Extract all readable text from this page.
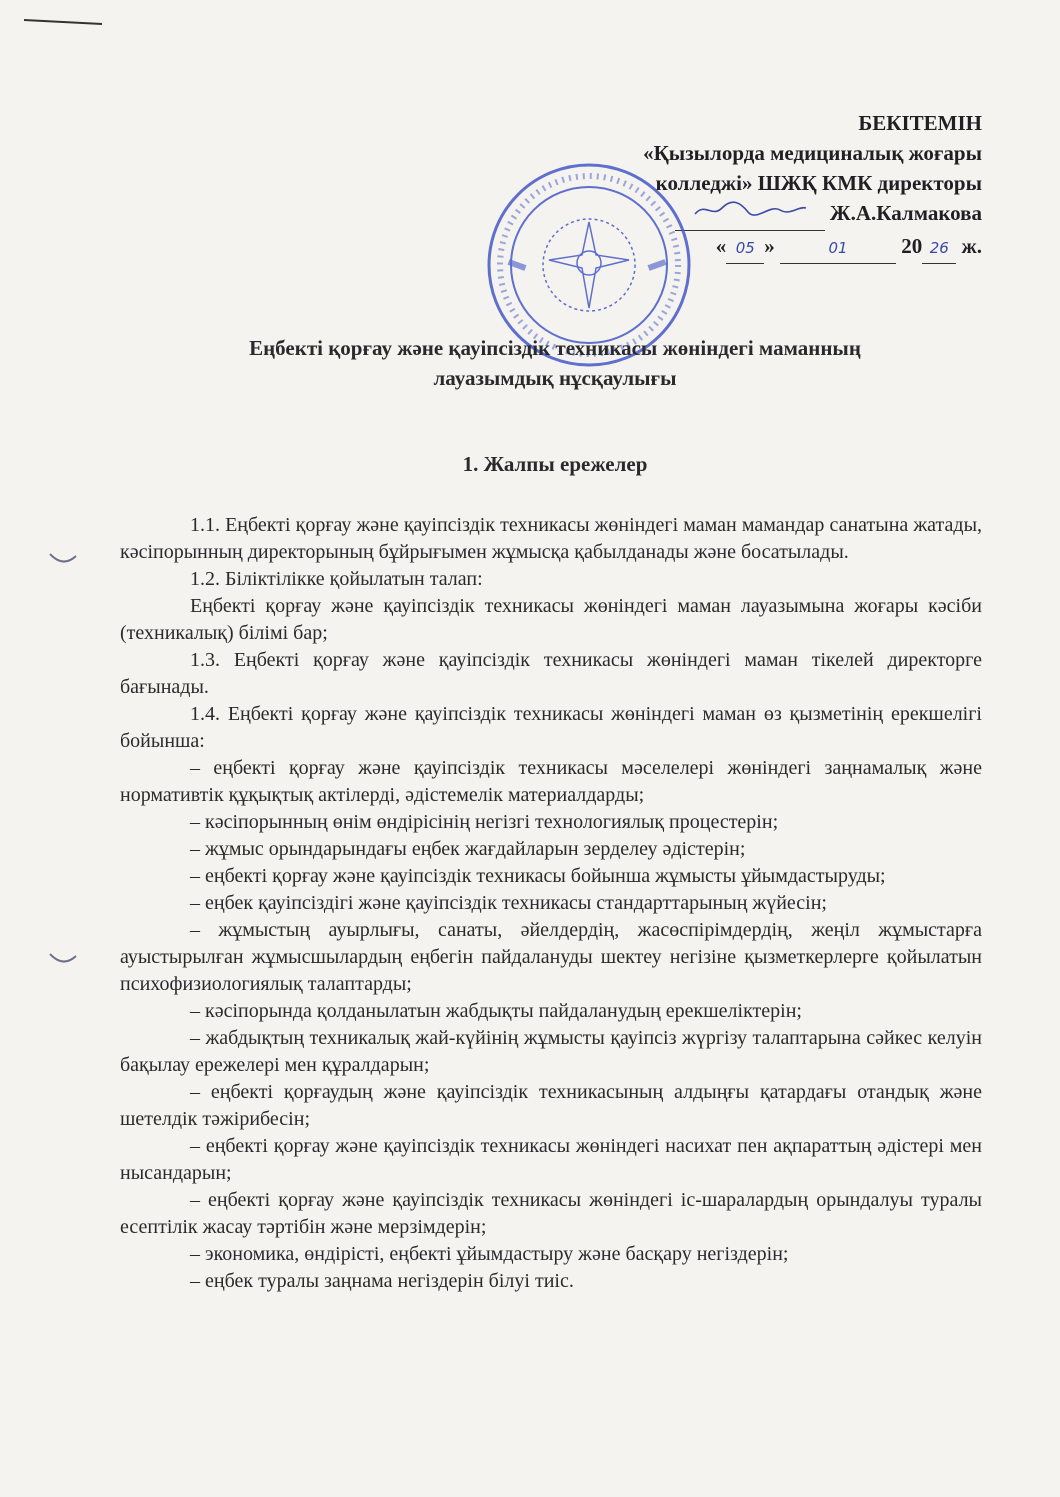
БЕКІТЕМІН
«Қызылорда медициналық жоғары
колледжі» ШЖҚ КМК директоры
Ж.А.Калмакова
« 05 »	01	20 26 ж.
Еңбекті қорғау және қауіпсіздік техникасы жөніндегі маманның
лауазымдық нұсқаулығы
1. Жалпы ережелер

1.1. Еңбекті қорғау және қауіпсіздік техникасы жөніндегі маман мамандар санатына жатады, кәсіпорынның директорының бұйрығымен жұмысқа қабылданады және босатылады.

1.2. Біліктілікке қойылатын талап:

Еңбекті қорғау және қауіпсіздік техникасы жөніндегі маман лауазымына жоғары кәсіби (техникалық) білімі бар;

1.3. Еңбекті қорғау және қауіпсіздік техникасы жөніндегі маман тікелей директорге бағынады.

1.4. Еңбекті қорғау және қауіпсіздік техникасы жөніндегі маман өз қызметінің ерекшелігі бойынша:

– еңбекті қорғау және қауіпсіздік техникасы мәселелері жөніндегі заңнамалық және нормативтік құқықтық актілерді, әдістемелік материалдарды;

– кәсіпорынның өнім өндірісінің негізгі технологиялық процестерін;

– жұмыс орындарындағы еңбек жағдайларын зерделеу әдістерін;

– еңбекті қорғау және қауіпсіздік техникасы бойынша жұмысты ұйымдастыруды;

– еңбек қауіпсіздігі және қауіпсіздік техникасы стандарттарының жүйесін;

– жұмыстың ауырлығы, санаты, әйелдердің, жасөспірімдердің, жеңіл жұмыстарға ауыстырылған жұмысшылардың еңбегін пайдалануды шектеу негізіне қызметкерлерге қойылатын психофизиологиялық талаптарды;

– кәсіпорында қолданылатын жабдықты пайдаланудың ерекшеліктерін;

– жабдықтың техникалық жай-күйінің жұмысты қауіпсіз жүргізу талаптарына сәйкес келуін бақылау ережелері мен құралдарын;

– еңбекті қорғаудың және қауіпсіздік техникасының алдыңғы қатардағы отандық және шетелдік тәжірибесін;

– еңбекті қорғау және қауіпсіздік техникасы жөніндегі насихат пен ақпараттың әдістері мен нысандарын;

– еңбекті қорғау және қауіпсіздік техникасы жөніндегі іс-шаралардың орындалуы туралы есептілік жасау тәртібін және мерзімдерін;

– экономика, өндірісті, еңбекті ұйымдастыру және басқару негіздерін;

– еңбек туралы заңнама негіздерін білуі тиіс.
